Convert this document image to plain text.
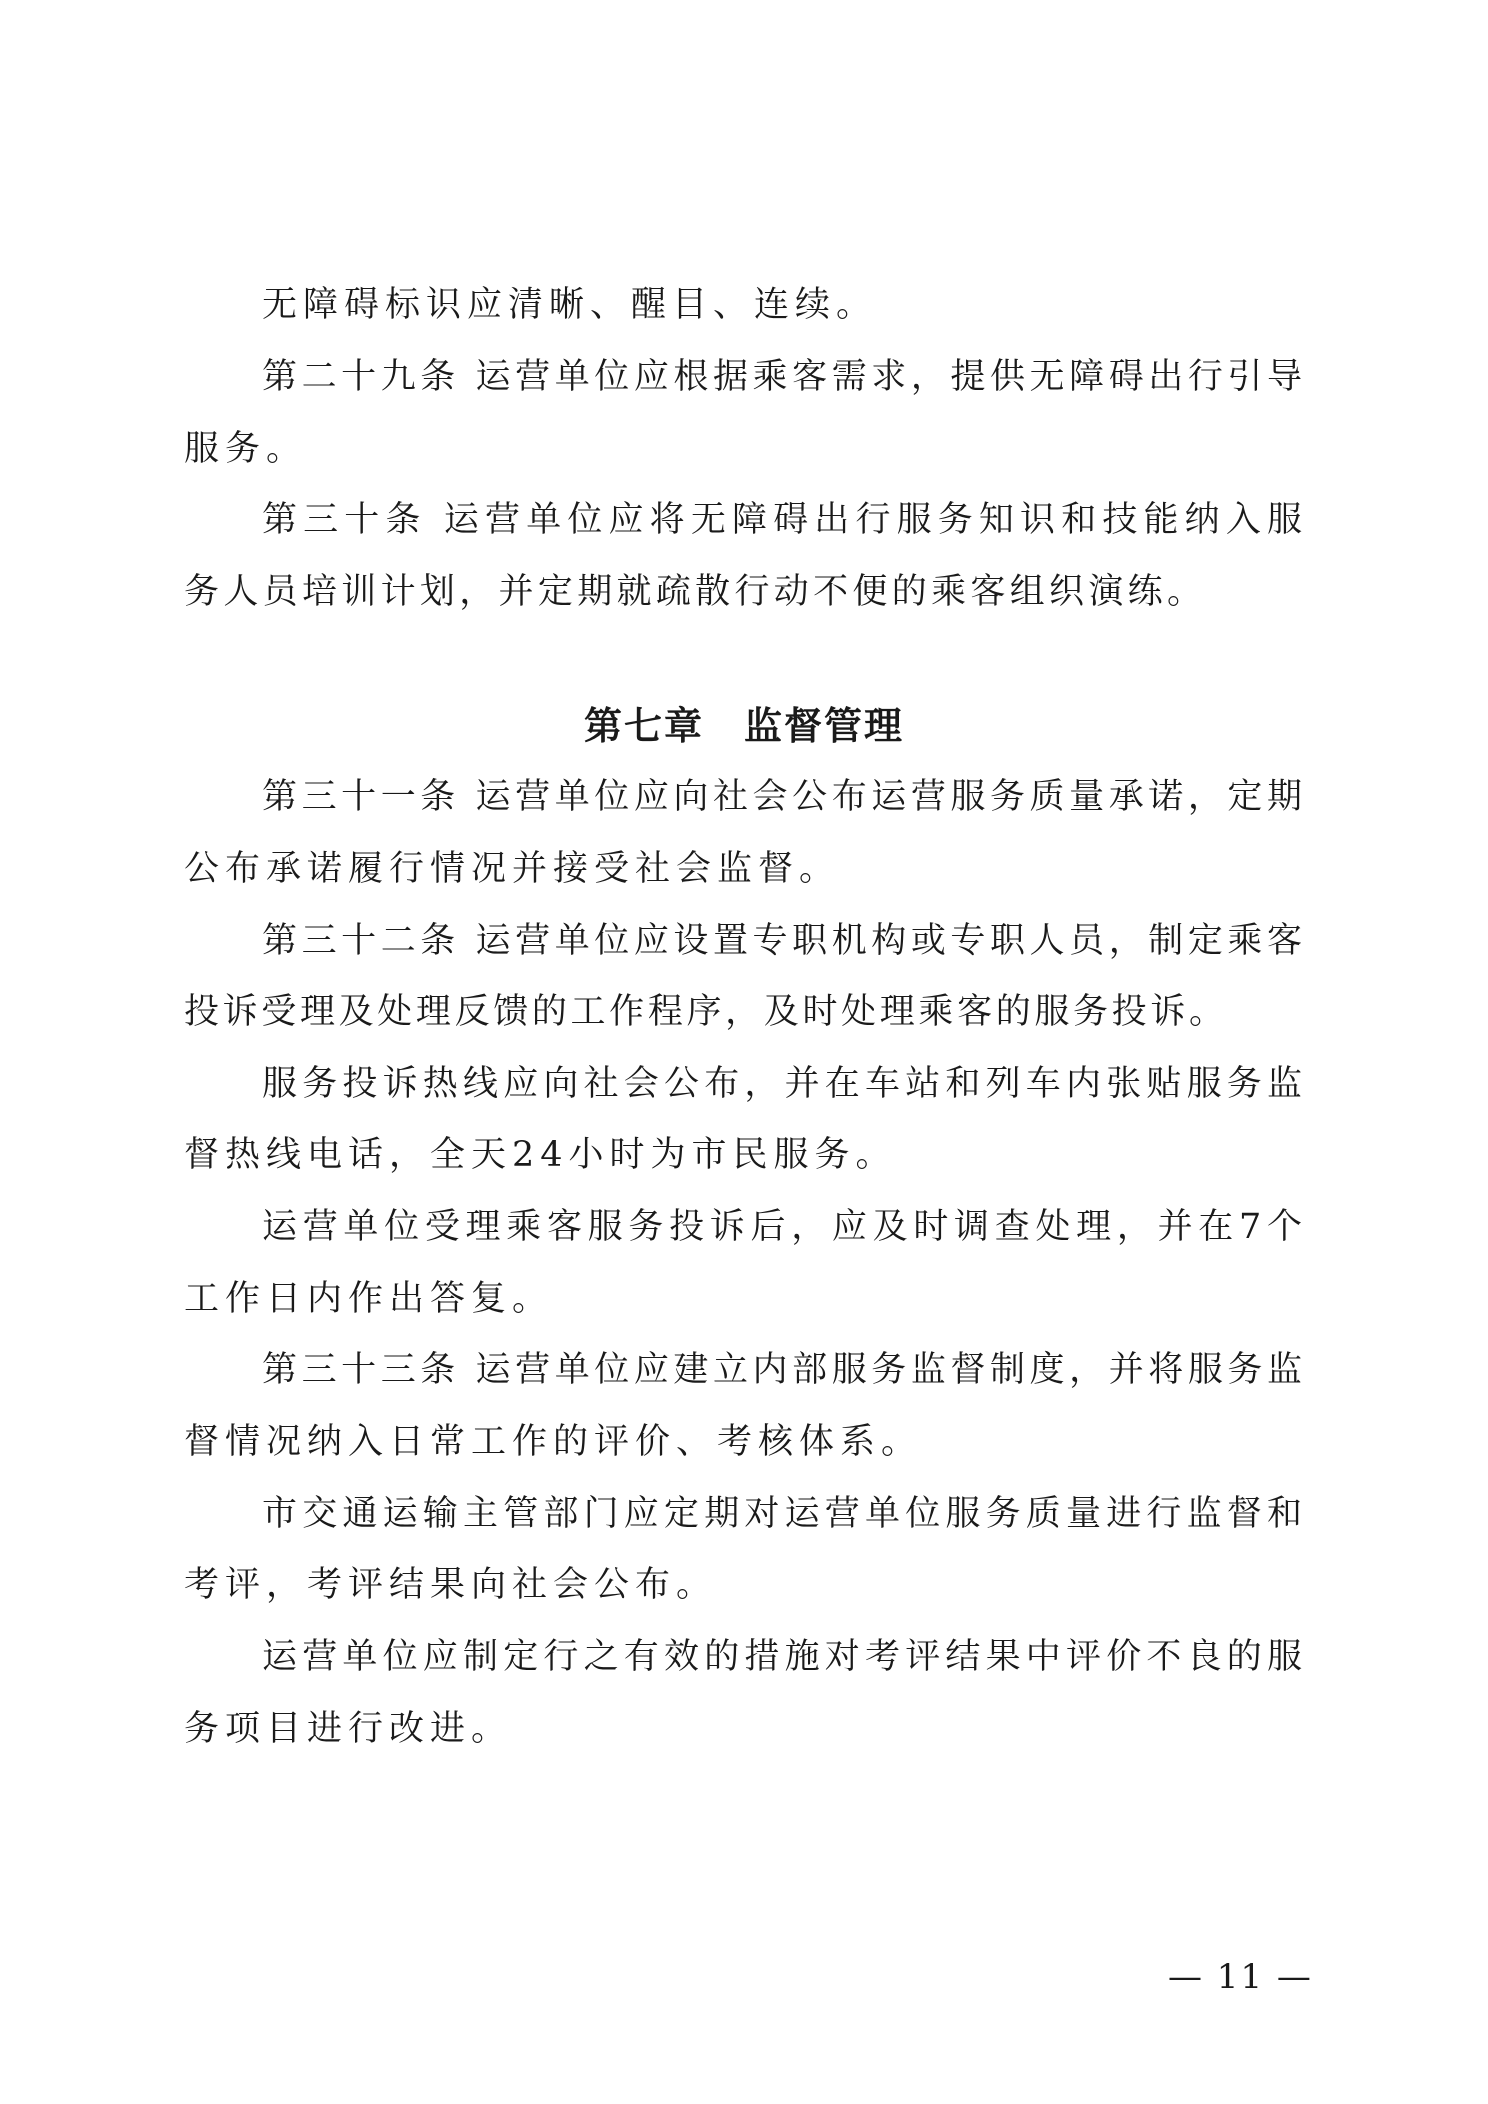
无障碍标识应清晰、醒目、连续。
第二十九条 运营单位应根据乘客需求，提供无障碍出行引导
服务。
第三十条 运营单位应将无障碍出行服务知识和技能纳入服
务人员培训计划，并定期就疏散行动不便的乘客组织演练。
第七章　监督管理
第三十一条 运营单位应向社会公布运营服务质量承诺，定期
公布承诺履行情况并接受社会监督。
第三十二条 运营单位应设置专职机构或专职人员，制定乘客
投诉受理及处理反馈的工作程序，及时处理乘客的服务投诉。
服务投诉热线应向社会公布，并在车站和列车内张贴服务监
督热线电话，全天24小时为市民服务。
运营单位受理乘客服务投诉后，应及时调查处理，并在7个
工作日内作出答复。
第三十三条 运营单位应建立内部服务监督制度，并将服务监
督情况纳入日常工作的评价、考核体系。
市交通运输主管部门应定期对运营单位服务质量进行监督和
考评，考评结果向社会公布。
运营单位应制定行之有效的措施对考评结果中评价不良的服
务项目进行改进。
— 11 —
